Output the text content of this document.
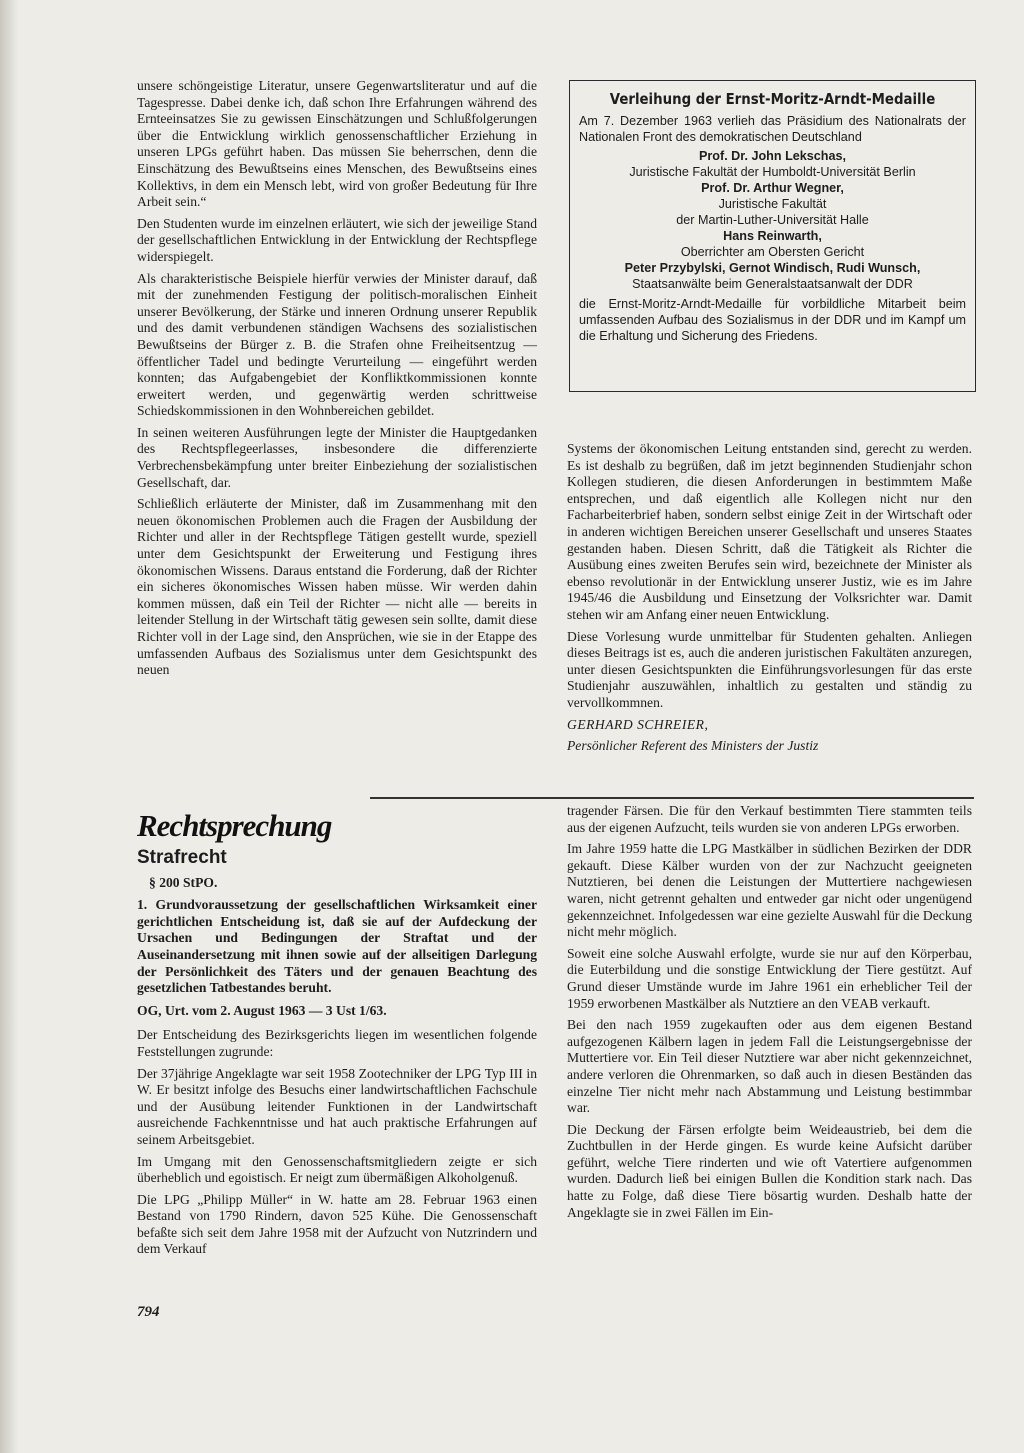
unsere schöngeistige Literatur, unsere Gegenwartsliteratur und auf die Tagespresse. Dabei denke ich, daß schon Ihre Erfahrungen während des Ernteeinsatzes Sie zu gewissen Einschätzungen und Schlußfolgerungen über die Entwicklung wirklich genossenschaftlicher Erziehung in unseren LPGs geführt haben. Das müssen Sie beherrschen, denn die Einschätzung des Bewußtseins eines Menschen, des Bewußtseins eines Kollektivs, in dem ein Mensch lebt, wird von großer Bedeutung für Ihre Arbeit sein.“

Den Studenten wurde im einzelnen erläutert, wie sich der jeweilige Stand der gesellschaftlichen Entwicklung in der Entwicklung der Rechtspflege widerspiegelt.

Als charakteristische Beispiele hierfür verwies der Minister darauf, daß mit der zunehmenden Festigung der politisch-moralischen Einheit unserer Bevölkerung, der Stärke und inneren Ordnung unserer Republik und des damit verbundenen ständigen Wachsens des sozialistischen Bewußtseins der Bürger z. B. die Strafen ohne Freiheitsentzug — öffentlicher Tadel und bedingte Verurteilung — eingeführt werden konnten; das Aufgabengebiet der Konfliktkommissionen konnte erweitert werden, und gegenwärtig werden schrittweise Schiedskommissionen in den Wohnbereichen gebildet.

In seinen weiteren Ausführungen legte der Minister die Hauptgedanken des Rechtspflegeerlasses, insbesondere die differenzierte Verbrechensbekämpfung unter breiter Einbeziehung der sozialistischen Gesellschaft, dar.

Schließlich erläuterte der Minister, daß im Zusammenhang mit den neuen ökonomischen Problemen auch die Fragen der Ausbildung der Richter und aller in der Rechtspflege Tätigen gestellt wurde, speziell unter dem Gesichtspunkt der Erweiterung und Festigung ihres ökonomischen Wissens. Daraus entstand die Forderung, daß der Richter ein sicheres ökonomisches Wissen haben müsse. Wir werden dahin kommen müssen, daß ein Teil der Richter — nicht alle — bereits in leitender Stellung in der Wirtschaft tätig gewesen sein sollte, damit diese Richter voll in der Lage sind, den Ansprüchen, wie sie in der Etappe des umfassenden Aufbaus des Sozialismus unter dem Gesichtspunkt des neuen

Verleihung der Ernst-Moritz-Arndt-Medaille

Am 7. Dezember 1963 verlieh das Präsidium des Nationalrats der Nationalen Front des demokratischen Deutschland

Prof. Dr. John Lekschas,
Juristische Fakultät der Humboldt-Universität Berlin
Prof. Dr. Arthur Wegner,
Juristische Fakultät
der Martin-Luther-Universität Halle
Hans Reinwarth,
Oberrichter am Obersten Gericht
Peter Przybylski, Gernot Windisch, Rudi Wunsch,
Staatsanwälte beim Generalstaatsanwalt der DDR

die Ernst-Moritz-Arndt-Medaille für vorbildliche Mitarbeit beim umfassenden Aufbau des Sozialismus in der DDR und im Kampf um die Erhaltung und Sicherung des Friedens.

Systems der ökonomischen Leitung entstanden sind, gerecht zu werden. Es ist deshalb zu begrüßen, daß im jetzt beginnenden Studienjahr schon Kollegen studieren, die diesen Anforderungen in bestimmtem Maße entsprechen, und daß eigentlich alle Kollegen nicht nur den Facharbeiterbrief haben, sondern selbst einige Zeit in der Wirtschaft oder in anderen wichtigen Bereichen unserer Gesellschaft und unseres Staates gestanden haben. Diesen Schritt, daß die Tätigkeit als Richter die Ausübung eines zweiten Berufes sein wird, bezeichnete der Minister als ebenso revolutionär in der Entwicklung unserer Justiz, wie es im Jahre 1945/46 die Ausbildung und Einsetzung der Volksrichter war. Damit stehen wir am Anfang einer neuen Entwicklung.

Diese Vorlesung wurde unmittelbar für Studenten gehalten. Anliegen dieses Beitrags ist es, auch die anderen juristischen Fakultäten anzuregen, unter diesen Gesichtspunkten die Einführungsvorlesungen für das erste Studienjahr auszuwählen, inhaltlich zu gestalten und ständig zu vervollkommnen.

GERHARD SCHREIER,

Persönlicher Referent des Ministers der Justiz

Rechtsprechung
Strafrecht

§ 200 StPO.

1. Grundvoraussetzung der gesellschaftlichen Wirksamkeit einer gerichtlichen Entscheidung ist, daß sie auf der Aufdeckung der Ursachen und Bedingungen der Straftat und der Auseinandersetzung mit ihnen sowie auf der allseitigen Darlegung der Persönlichkeit des Täters und der genauen Beachtung des gesetzlichen Tatbestandes beruht.

OG, Urt. vom 2. August 1963 — 3 Ust 1/63.

Der Entscheidung des Bezirksgerichts liegen im wesentlichen folgende Feststellungen zugrunde:

Der 37jährige Angeklagte war seit 1958 Zootechniker der LPG Typ III in W. Er besitzt infolge des Besuchs einer landwirtschaftlichen Fachschule und der Ausübung leitender Funktionen in der Landwirtschaft ausreichende Fachkenntnisse und hat auch praktische Erfahrungen auf seinem Arbeitsgebiet.

Im Umgang mit den Genossenschaftsmitgliedern zeigte er sich überheblich und egoistisch. Er neigt zum übermäßigen Alkoholgenuß.

Die LPG „Philipp Müller“ in W. hatte am 28. Februar 1963 einen Bestand von 1790 Rindern, davon 525 Kühe. Die Genossenschaft befaßte sich seit dem Jahre 1958 mit der Aufzucht von Nutzrindern und dem Verkauf

tragender Färsen. Die für den Verkauf bestimmten Tiere stammten teils aus der eigenen Aufzucht, teils wurden sie von anderen LPGs erworben.

Im Jahre 1959 hatte die LPG Mastkälber in südlichen Bezirken der DDR gekauft. Diese Kälber wurden von der zur Nachzucht geeigneten Nutztieren, bei denen die Leistungen der Muttertiere nachgewiesen waren, nicht getrennt gehalten und entweder gar nicht oder ungenügend gekennzeichnet. Infolgedessen war eine gezielte Auswahl für die Deckung nicht mehr möglich.

Soweit eine solche Auswahl erfolgte, wurde sie nur auf den Körperbau, die Euterbildung und die sonstige Entwicklung der Tiere gestützt. Auf Grund dieser Umstände wurde im Jahre 1961 ein erheblicher Teil der 1959 erworbenen Mastkälber als Nutztiere an den VEAB verkauft.

Bei den nach 1959 zugekauften oder aus dem eigenen Bestand aufgezogenen Kälbern lagen in jedem Fall die Leistungsergebnisse der Muttertiere vor. Ein Teil dieser Nutztiere war aber nicht gekennzeichnet, andere verloren die Ohrenmarken, so daß auch in diesen Beständen das einzelne Tier nicht mehr nach Abstammung und Leistung bestimmbar war.

Die Deckung der Färsen erfolgte beim Weideaustrieb, bei dem die Zuchtbullen in der Herde gingen. Es wurde keine Aufsicht darüber geführt, welche Tiere rinderten und wie oft Vatertiere aufgenommen wurden. Dadurch ließ bei einigen Bullen die Kondition stark nach. Das hatte zu Folge, daß diese Tiere bösartig wurden. Deshalb hatte der Angeklagte sie in zwei Fällen im Ein-

794
